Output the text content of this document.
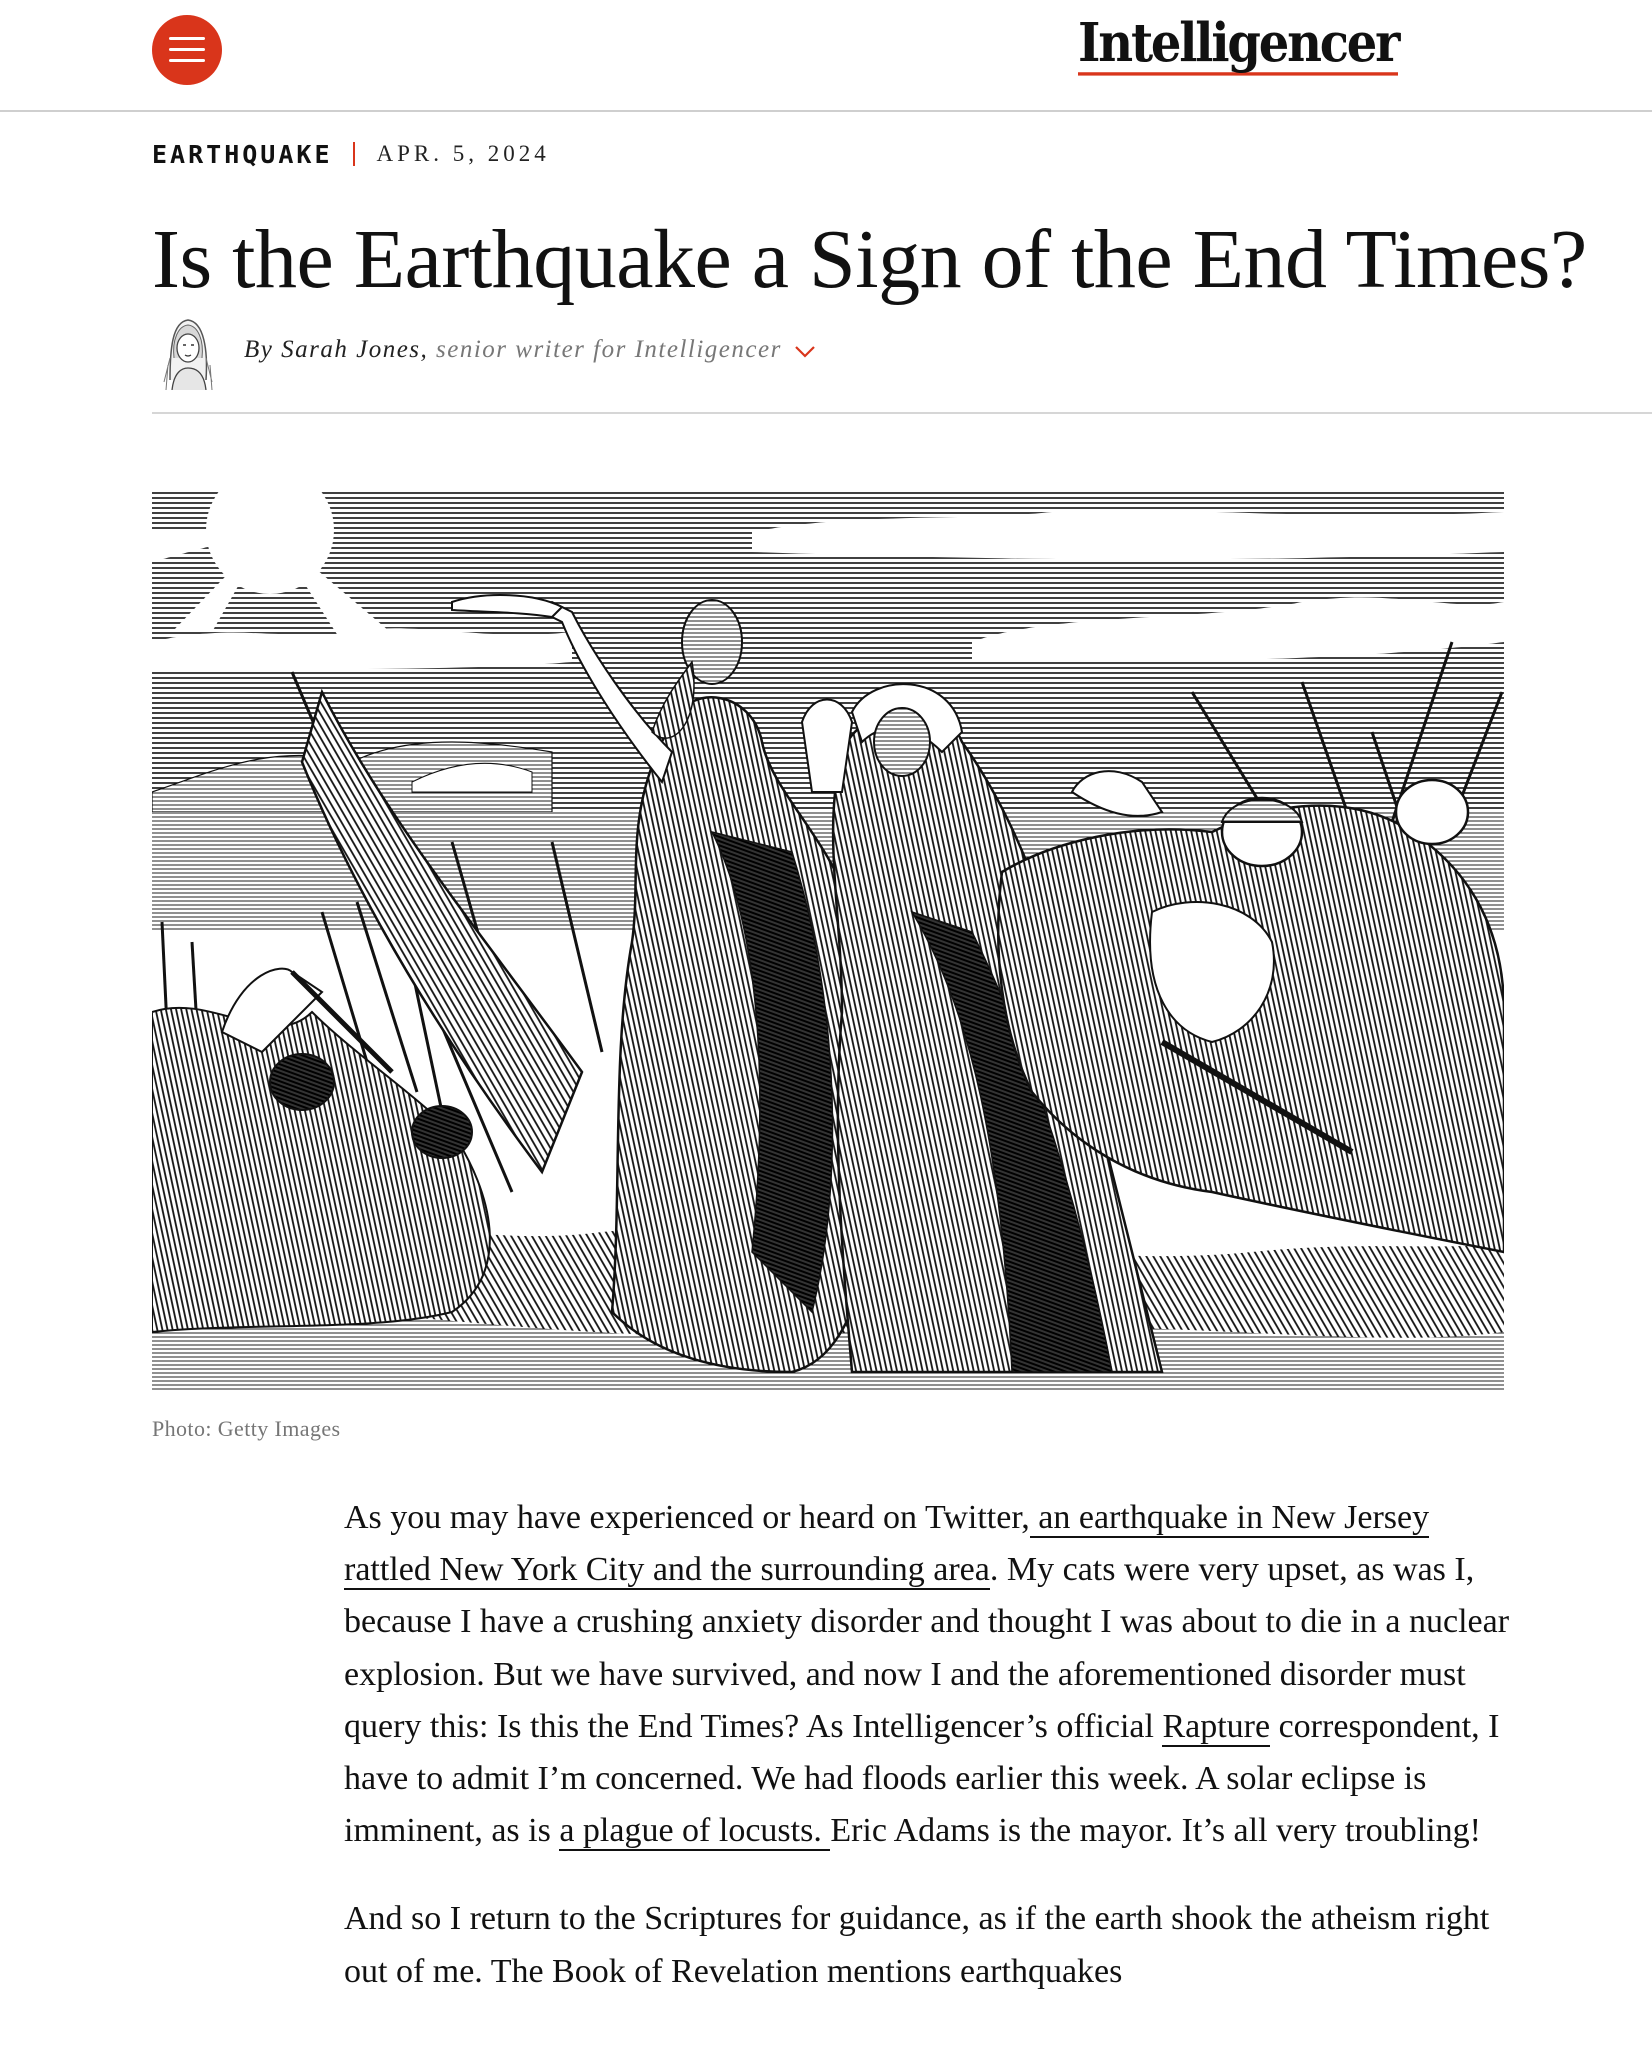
Intelligencer
EARTHQUAKE APR. 5, 2024
Is the Earthquake a Sign of the End Times?
By Sarah Jones, senior writer for Intelligencer
Photo: Getty Images

As you may have experienced or heard on Twitter, an earthquake in New Jersey rattled New York City and the surrounding area. My cats were very upset, as was I, because I have a crushing anxiety disorder and thought I was about to die in a nuclear explosion. But we have survived, and now I and the aforementioned disorder must query this: Is this the End Times? As Intelligencer’s official Rapture correspondent, I have to admit I’m concerned. We had floods earlier this week. A solar eclipse is imminent, as is a plague of locusts. Eric Adams is the mayor. It’s all very troubling!

And so I return to the Scriptures for guidance, as if the earth shook the atheism right out of me. The Book of Revelation mentions earthquakes
